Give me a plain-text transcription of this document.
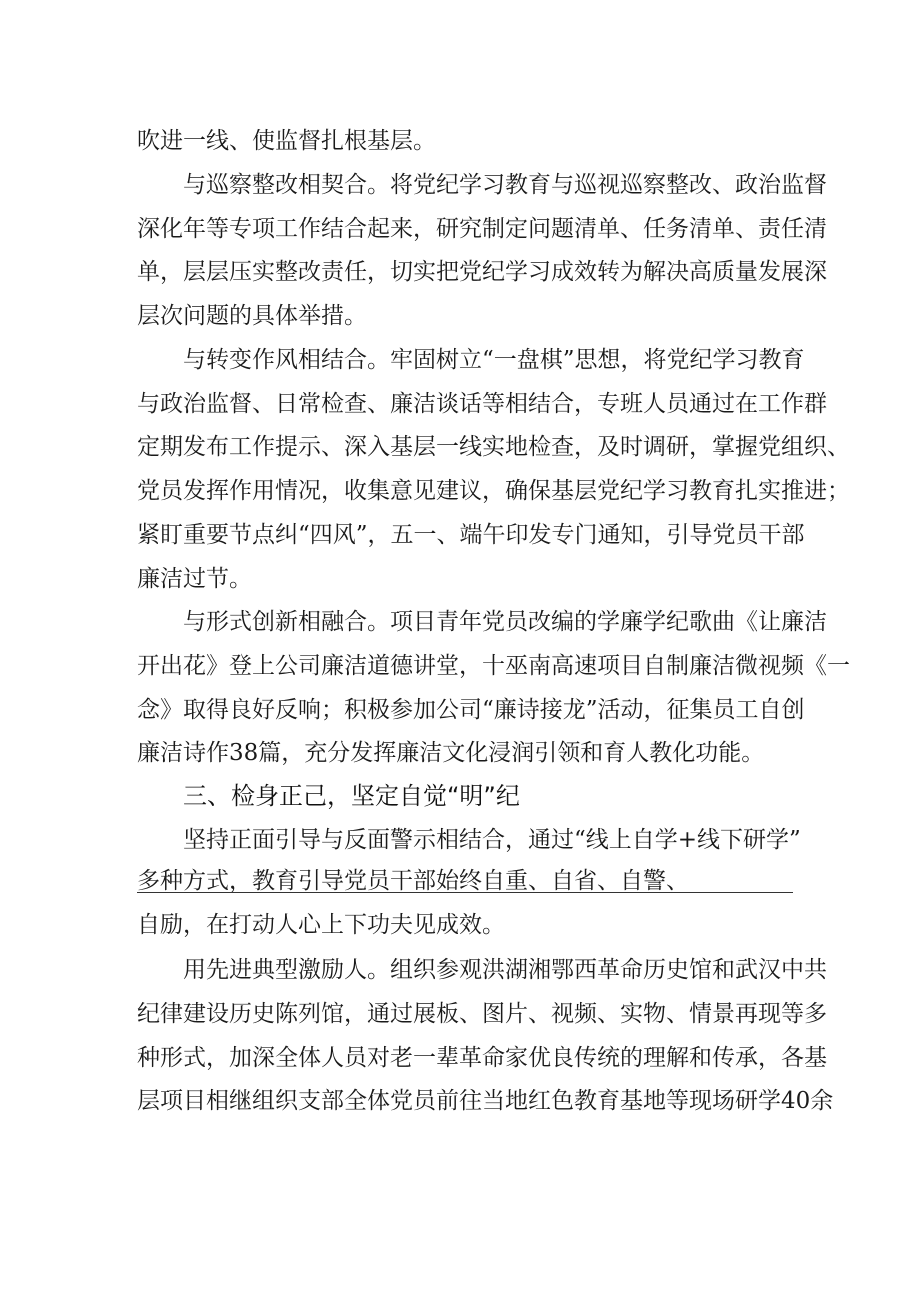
吹进一线、使监督扎根基层。
与巡察整改相契合。将党纪学习教育与巡视巡察整改、政治监督
深化年等专项工作结合起来，研究制定问题清单、任务清单、责任清
单，层层压实整改责任，切实把党纪学习成效转为解决高质量发展深
层次问题的具体举措。
与转变作风相结合。牢固树立“一盘棋”思想，将党纪学习教育
与政治监督、日常检查、廉洁谈话等相结合，专班人员通过在工作群
定期发布工作提示、深入基层一线实地检查，及时调研，掌握党组织、
党员发挥作用情况，收集意见建议，确保基层党纪学习教育扎实推进；
紧盯重要节点纠“四风”，五一、端午印发专门通知，引导党员干部
廉洁过节。
与形式创新相融合。项目青年党员改编的学廉学纪歌曲《让廉洁
开出花》登上公司廉洁道德讲堂，十巫南高速项目自制廉洁微视频《一
念》取得良好反响；积极参加公司“廉诗接龙”活动，征集员工自创
廉洁诗作38篇，充分发挥廉洁文化浸润引领和育人教化功能。
三、检身正己，坚定自觉“明”纪
坚持正面引导与反面警示相结合，通过“线上自学+线下研学”
多种方式，教育引导党员干部始终自重、自省、自警、
自励，在打动人心上下功夫见成效。
用先进典型激励人。组织参观洪湖湘鄂西革命历史馆和武汉中共
纪律建设历史陈列馆，通过展板、图片、视频、实物、情景再现等多
种形式，加深全体人员对老一辈革命家优良传统的理解和传承，各基
层项目相继组织支部全体党员前往当地红色教育基地等现场研学40余
